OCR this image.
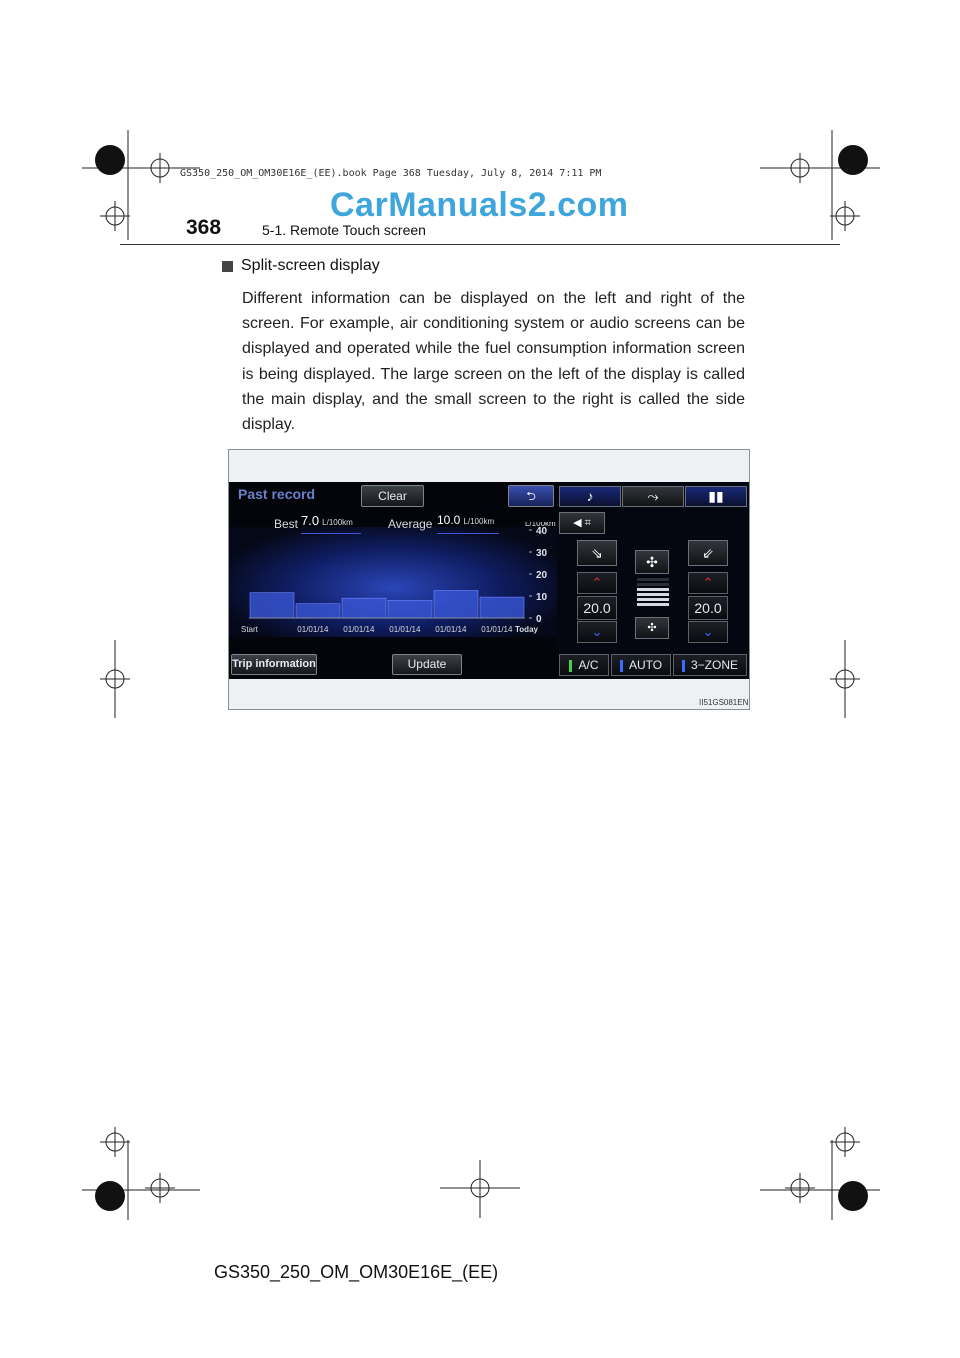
GS350_250_OM_OM30E16E_(EE).book Page 368 Tuesday, July 8, 2014 7:11 PM
CarManuals2.com
368	5-1. Remote Touch screen
Split-screen display
Different information can be displayed on the left and right of the screen. For example, air conditioning system or audio screens can be displayed and operated while the fuel consumption information screen is being displayed. The large screen on the left of the display is called the main display, and the small screen to the right is called the side display.
Past record	Clear	⮌
Best 7.0 L/100km	Average 10.0 L/100km	L/100km
40
30
20
10
0
Start	01/01/14 01/01/14 01/01/14 01/01/14 01/01/14 Today
Trip information	Update
♪	⤳	▮▮
◀ ⌗
⇘
✣
⇙
⌃
20.0
⌄	✣
⌃
20.0
⌄
A/C	AUTO	3−ZONE
II51GS081EN
GS350_250_OM_OM30E16E_(EE)
